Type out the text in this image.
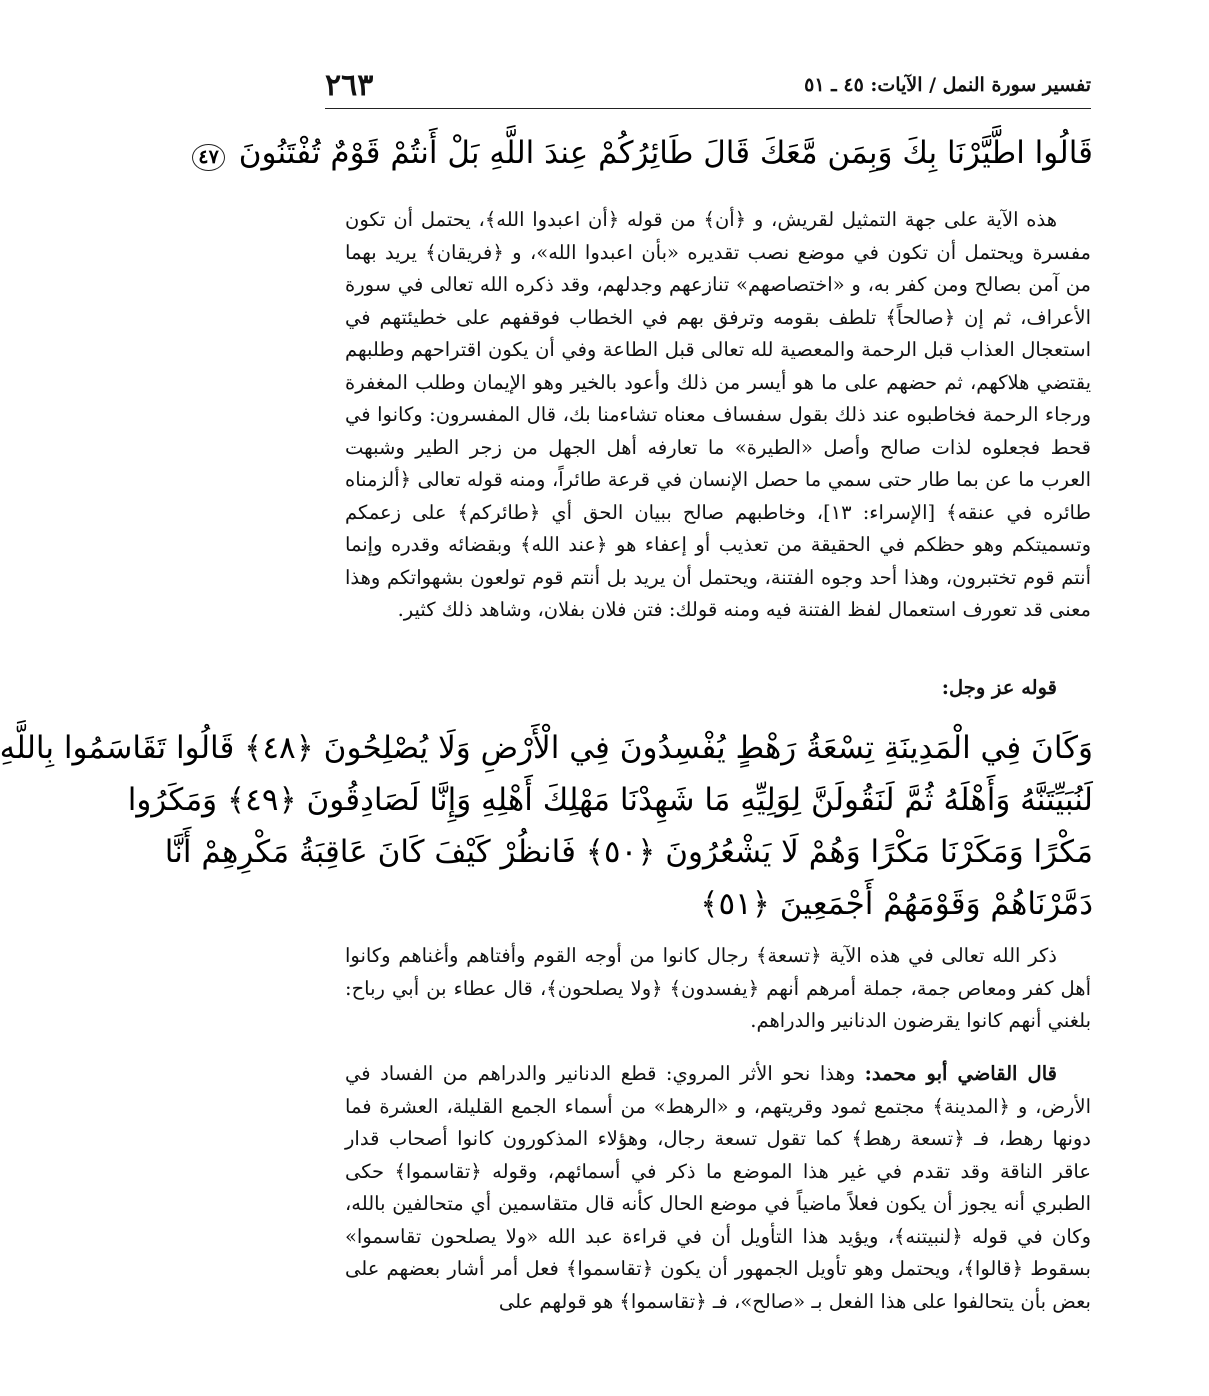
تفسير سورة النمل / الآيات: ٤٥ ـ ٥١
٢٦٣
قَالُوا اطَّيَّرْنَا بِكَ وَبِمَن مَّعَكَ قَالَ طَائِرُكُمْ عِندَ اللَّهِ بَلْ أَنتُمْ قَوْمٌ تُفْتَنُونَ ٤٧
هذه الآية على جهة التمثيل لقريش، و ﴿أن﴾ من قوله ﴿أن اعبدوا الله﴾، يحتمل أن تكون مفسرة ويحتمل أن تكون في موضع نصب تقديره «بأن اعبدوا الله»، و ﴿فريقان﴾ يريد بهما من آمن بصالح ومن كفر به، و «اختصاصهم» تنازعهم وجدلهم، وقد ذكره الله تعالى في سورة الأعراف، ثم إن ﴿صالحاً﴾ تلطف بقومه وترفق بهم في الخطاب فوقفهم على خطيئتهم في استعجال العذاب قبل الرحمة والمعصية لله تعالى قبل الطاعة وفي أن يكون اقتراحهم وطلبهم يقتضي هلاكهم، ثم حضهم على ما هو أيسر من ذلك وأعود بالخير وهو الإيمان وطلب المغفرة ورجاء الرحمة فخاطبوه عند ذلك بقول سفساف معناه تشاءمنا بك، قال المفسرون: وكانوا في قحط فجعلوه لذات صالح وأصل «الطيرة» ما تعارفه أهل الجهل من زجر الطير وشبهت العرب ما عن بما طار حتى سمي ما حصل الإنسان في قرعة طائراً، ومنه قوله تعالى ﴿ألزمناه طائره في عنقه﴾ [الإسراء: ١٣]، وخاطبهم صالح ببيان الحق أي ﴿طائركم﴾ على زعمكم وتسميتكم وهو حظكم في الحقيقة من تعذيب أو إعفاء هو ﴿عند الله﴾ وبقضائه وقدره وإنما أنتم قوم تختبرون، وهذا أحد وجوه الفتنة، ويحتمل أن يريد بل أنتم قوم تولعون بشهواتكم وهذا معنى قد تعورف استعمال لفظ الفتنة فيه ومنه قولك: فتن فلان بفلان، وشاهد ذلك كثير.
قوله عز وجل:
وَكَانَ فِي الْمَدِينَةِ تِسْعَةُ رَهْطٍ يُفْسِدُونَ فِي الْأَرْضِ وَلَا يُصْلِحُونَ ﴿٤٨﴾ قَالُوا تَقَاسَمُوا بِاللَّهِ
لَنُبَيِّتَنَّهُ وَأَهْلَهُ ثُمَّ لَنَقُولَنَّ لِوَلِيِّهِ مَا شَهِدْنَا مَهْلِكَ أَهْلِهِ وَإِنَّا لَصَادِقُونَ ﴿٤٩﴾ وَمَكَرُوا
مَكْرًا وَمَكَرْنَا مَكْرًا وَهُمْ لَا يَشْعُرُونَ ﴿٥٠﴾ فَانظُرْ كَيْفَ كَانَ عَاقِبَةُ مَكْرِهِمْ أَنَّا
دَمَّرْنَاهُمْ وَقَوْمَهُمْ أَجْمَعِينَ ﴿٥١﴾
ذكر الله تعالى في هذه الآية ﴿تسعة﴾ رجال كانوا من أوجه القوم وأفتاهم وأغناهم وكانوا أهل كفر ومعاص جمة، جملة أمرهم أنهم ﴿يفسدون﴾ ﴿ولا يصلحون﴾، قال عطاء بن أبي رباح: بلغني أنهم كانوا يقرضون الدنانير والدراهم.
قال القاضي أبو محمد: وهذا نحو الأثر المروي: قطع الدنانير والدراهم من الفساد في الأرض، و ﴿المدينة﴾ مجتمع ثمود وقريتهم، و «الرهط» من أسماء الجمع القليلة، العشرة فما دونها رهط، فـ ﴿تسعة رهط﴾ كما تقول تسعة رجال، وهؤلاء المذكورون كانوا أصحاب قدار عاقر الناقة وقد تقدم في غير هذا الموضع ما ذكر في أسمائهم، وقوله ﴿تقاسموا﴾ حكى الطبري أنه يجوز أن يكون فعلاً ماضياً في موضع الحال كأنه قال متقاسمين أي متحالفين بالله، وكان في قوله ﴿لنبيتنه﴾، ويؤيد هذا التأويل أن في قراءة عبد الله «ولا يصلحون تقاسموا» بسقوط ﴿قالوا﴾، ويحتمل وهو تأويل الجمهور أن يكون ﴿تقاسموا﴾ فعل أمر أشار بعضهم على بعض بأن يتحالفوا على هذا الفعل بـ «صالح»، فـ ﴿تقاسموا﴾ هو قولهم على
